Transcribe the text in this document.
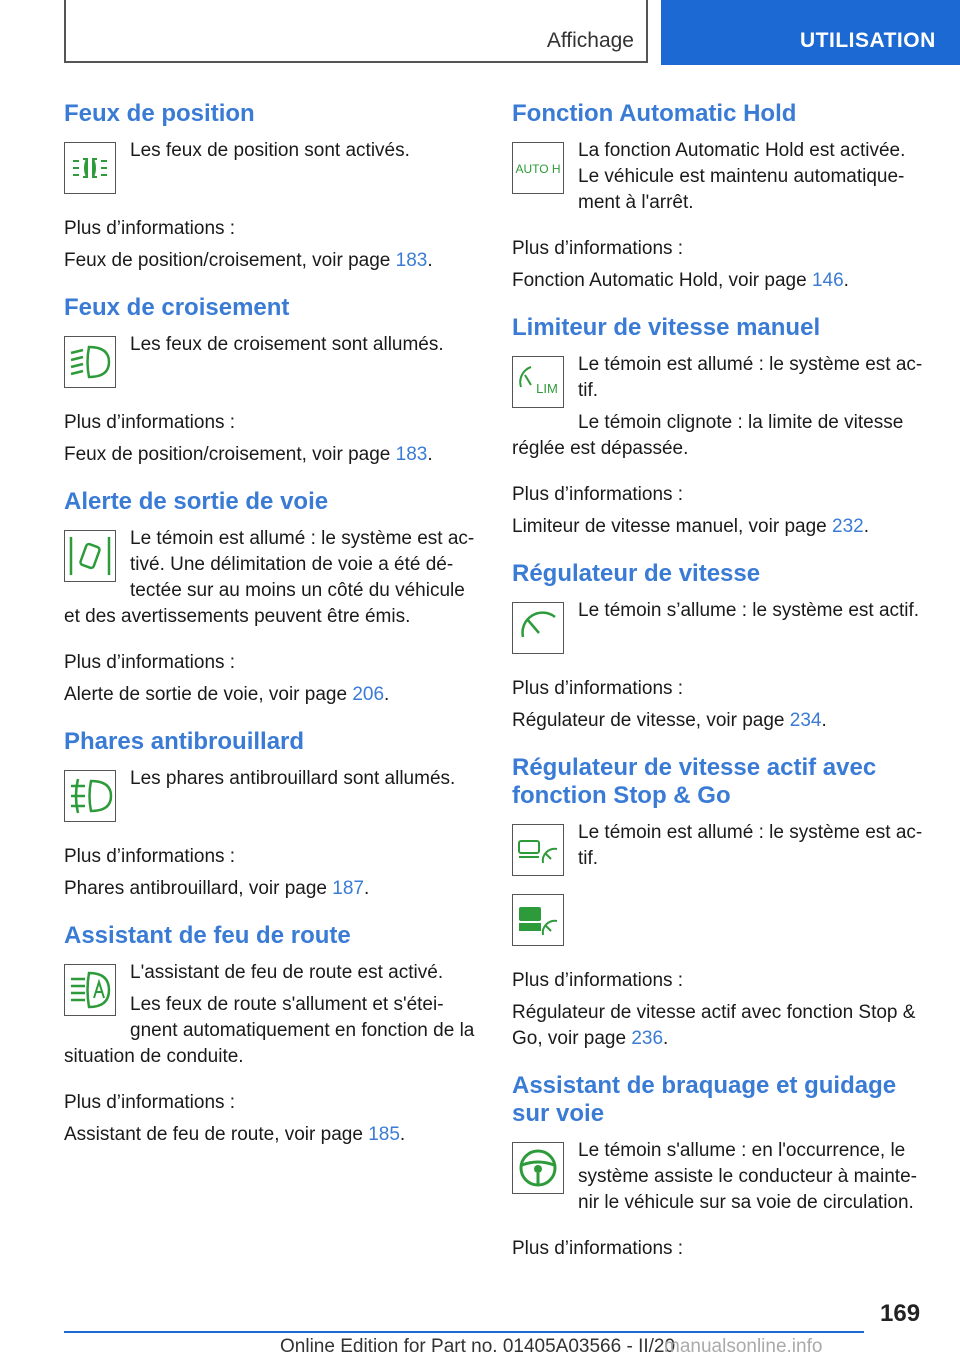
Affichage	UTILISATION
Feux de position
Les feux de position sont activés.
Plus d’informations :
Feux de position/croisement, voir page 183.
Feux de croisement
Les feux de croisement sont allumés.
Plus d’informations :
Feux de position/croisement, voir page 183.
Alerte de sortie de voie
Le témoin est allumé : le système est ac-tivé. Une délimitation de voie a été dé-tectée sur au moins un côté du véhicule et des avertissements peuvent être émis.
Plus d’informations :
Alerte de sortie de voie, voir page 206.
Phares antibrouillard
Les phares antibrouillard sont allumés.
Plus d’informations :
Phares antibrouillard, voir page 187.
Assistant de feu de route
L'assistant de feu de route est activé.
Les feux de route s'allument et s'étei-gnent automatiquement en fonction de la situation de conduite.
Plus d’informations :
Assistant de feu de route, voir page 185.
Fonction Automatic Hold
AUTO H
La fonction Automatic Hold est activée. Le véhicule est maintenu automatique-ment à l'arrêt.
Plus d’informations :
Fonction Automatic Hold, voir page 146.
Limiteur de vitesse manuel
LIM
Le témoin est allumé : le système est ac-tif.
Le témoin clignote : la limite de vitesse réglée est dépassée.
Plus d’informations :
Limiteur de vitesse manuel, voir page 232.
Régulateur de vitesse
Le témoin s’allume : le système est actif.
Plus d’informations :
Régulateur de vitesse, voir page 234.
Régulateur de vitesse actif avec fonction Stop & Go
Le témoin est allumé : le système est ac-tif.
Plus d’informations :
Régulateur de vitesse actif avec fonction Stop & Go, voir page 236.
Assistant de braquage et guidage sur voie
Le témoin s'allume : en l'occurrence, le système assiste le conducteur à mainte-nir le véhicule sur sa voie de circulation.
Plus d’informations :
169
Online Edition for Part no. 01405A03566 - II/20
manualsonline.info
